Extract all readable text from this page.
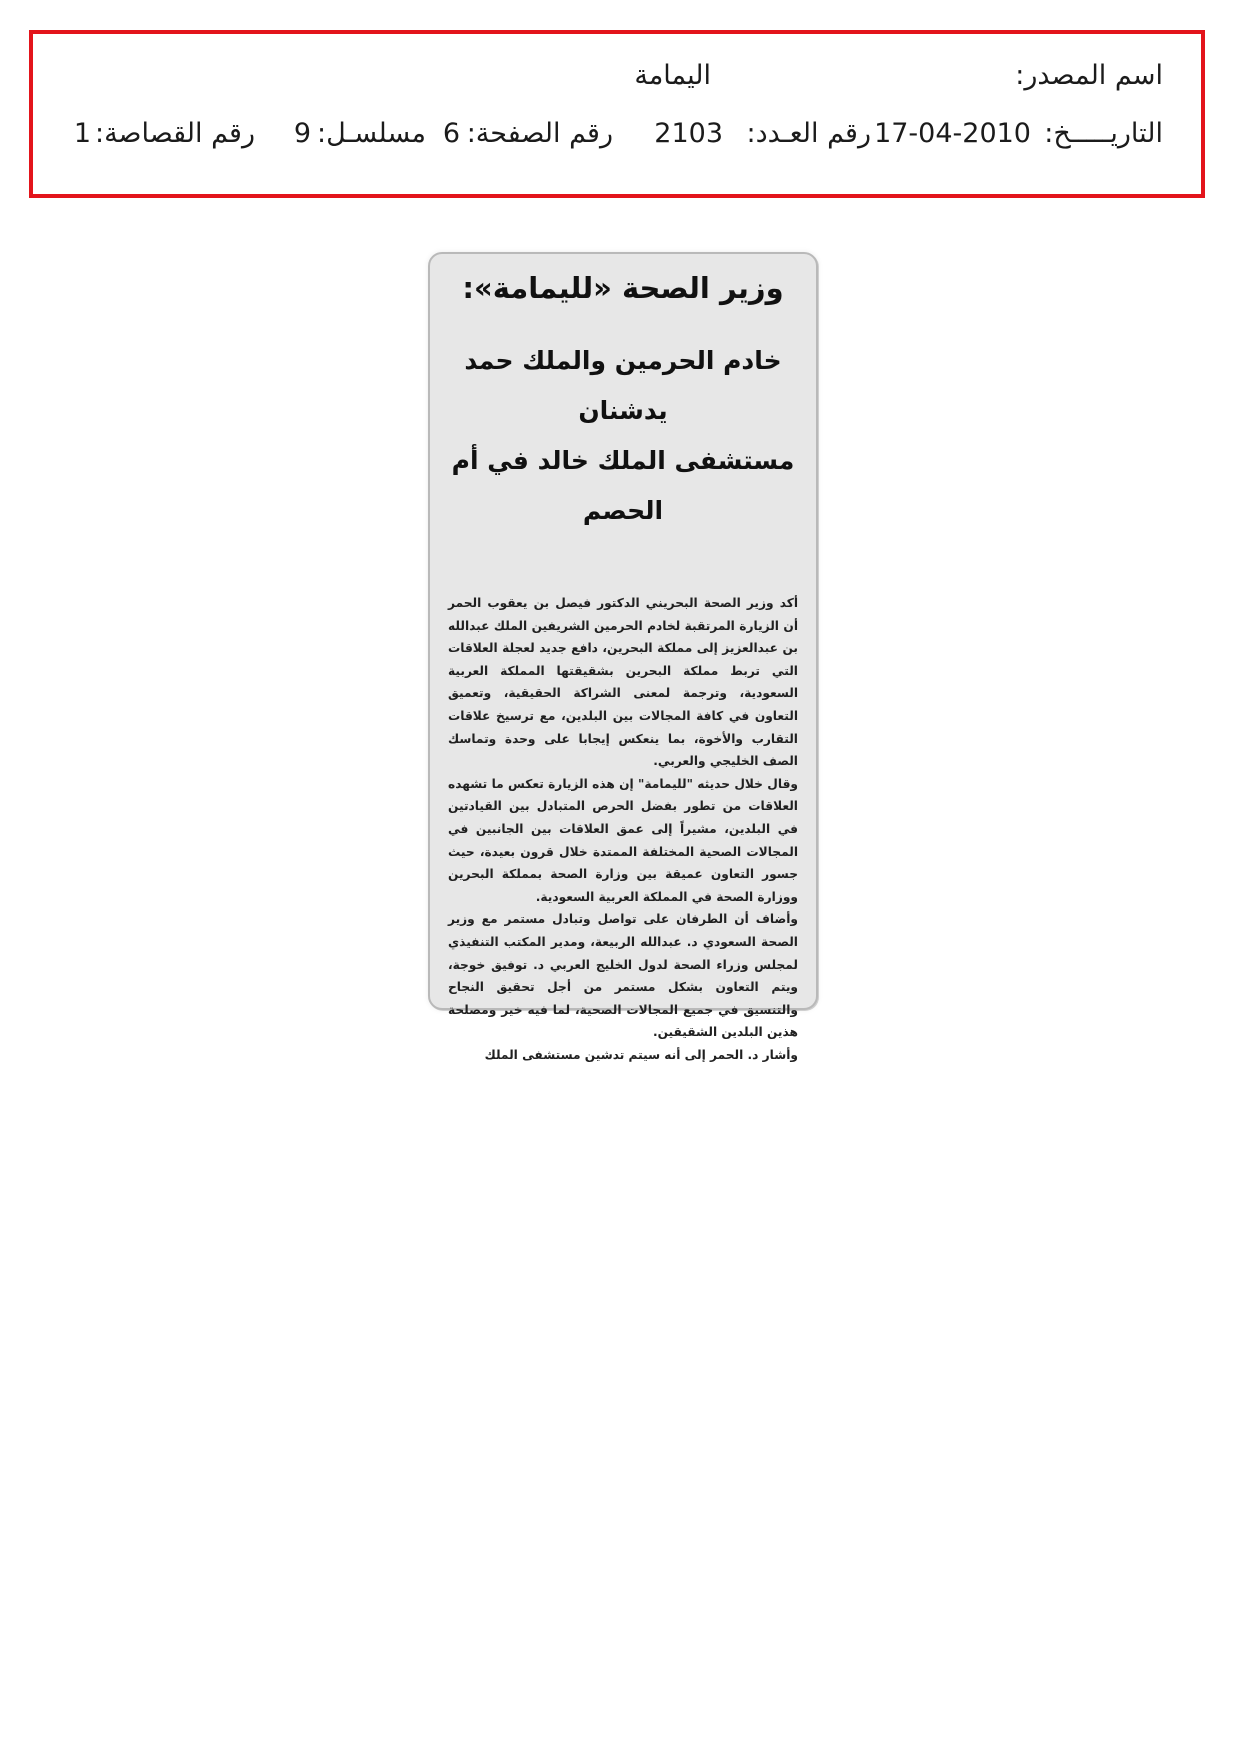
اسم المصدر:
اليمامة
التاريـــــخ:
17-04-2010
رقم العـدد:
2103
رقم الصفحة:
6
مسلسـل:
9
رقم القصاصة:
1
وزير الصحة «لليمامة»:
خادم الحرمين والملك حمد يدشنان
مستشفى الملك خالد في أم الحصم

أكد وزير الصحة البحريني الدكتور فيصل بن يعقوب الحمر أن الزيارة المرتقبة لخادم الحرمين الشريفين الملك عبدالله بن عبدالعزيز إلى مملكة البحرين، دافع جديد لعجلة العلاقات التي تربط مملكة البحرين بشقيقتها المملكة العربية السعودية، وترجمة لمعنى الشراكة الحقيقية، وتعميق التعاون في كافة المجالات بين البلدين، مع ترسيخ علاقات التقارب والأخوة، بما ينعكس إيجابا على وحدة وتماسك الصف الخليجي والعربي.

وقال خلال حديثه "لليمامة" إن هذه الزيارة تعكس ما تشهده العلاقات من تطور بفضل الحرص المتبادل بين القيادتين في البلدين، مشيراً إلى عمق العلاقات بين الجانبين في المجالات الصحية المختلفة الممتدة خلال قرون بعيدة، حيث جسور التعاون عميقة بين وزارة الصحة بمملكة البحرين ووزارة الصحة في المملكة العربية السعودية.

وأضاف أن الطرفان على تواصل وتبادل مستمر مع وزير الصحة السعودي د. عبدالله الربيعة، ومدير المكتب التنفيذي لمجلس وزراء الصحة لدول الخليج العربي د. توفيق خوجة، ويتم التعاون بشكل مستمر من أجل تحقيق النجاح والتنسيق في جميع المجالات الصحية، لما فيه خير ومصلحة هذين البلدين الشقيقين.

وأشار د. الحمر إلى أنه سيتم تدشين مستشفى الملك
